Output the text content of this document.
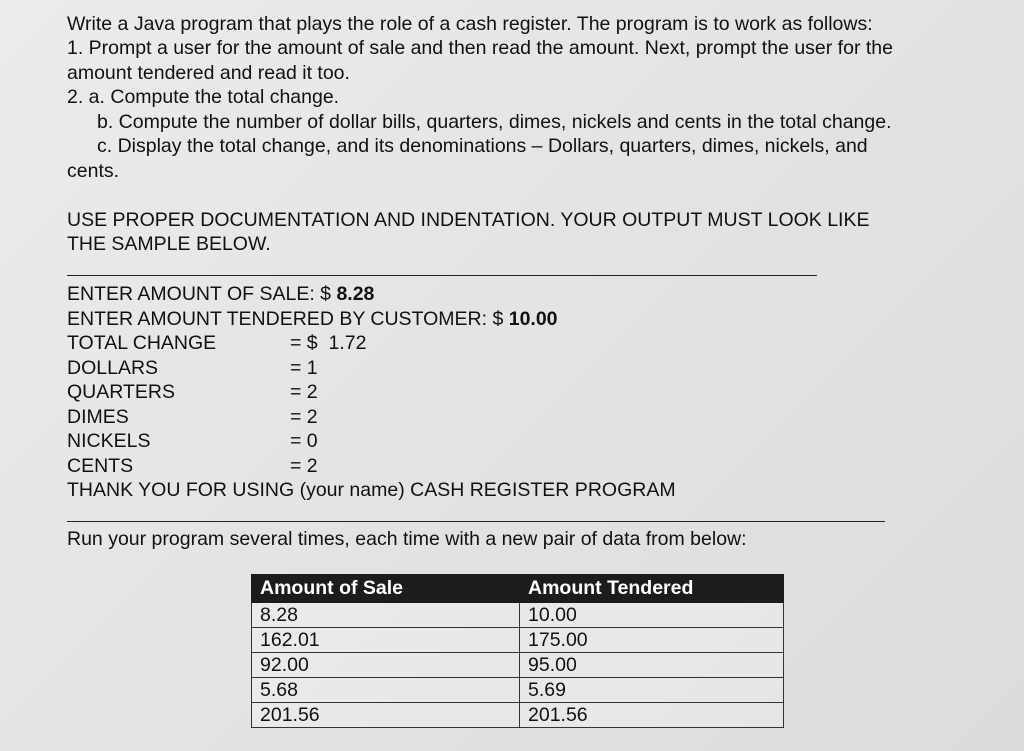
Write a Java program that plays the role of a cash register. The program is to work as follows:
1. Prompt a user for the amount of sale and then read the amount. Next, prompt the user for the
amount tendered and read it too.
2. a. Compute the total change.
b. Compute the number of dollar bills, quarters, dimes, nickels and cents in the total change.
c. Display the total change, and its denominations – Dollars, quarters, dimes, nickels, and
cents.
USE PROPER DOCUMENTATION AND INDENTATION. YOUR OUTPUT MUST LOOK LIKE
THE SAMPLE BELOW.
ENTER AMOUNT OF SALE: $ 8.28
ENTER AMOUNT TENDERED BY CUSTOMER: $ 10.00
TOTAL CHANGE	= $  1.72
DOLLARS	= 1
QUARTERS	= 2
DIMES	= 2
NICKELS	= 0
CENTS	= 2
THANK YOU FOR USING (your name) CASH REGISTER PROGRAM
Run your program several times, each time with a new pair of data from below:
Amount of Sale	Amount Tendered
8.28	10.00
162.01	175.00
92.00	95.00
5.68	5.69
201.56	201.56
